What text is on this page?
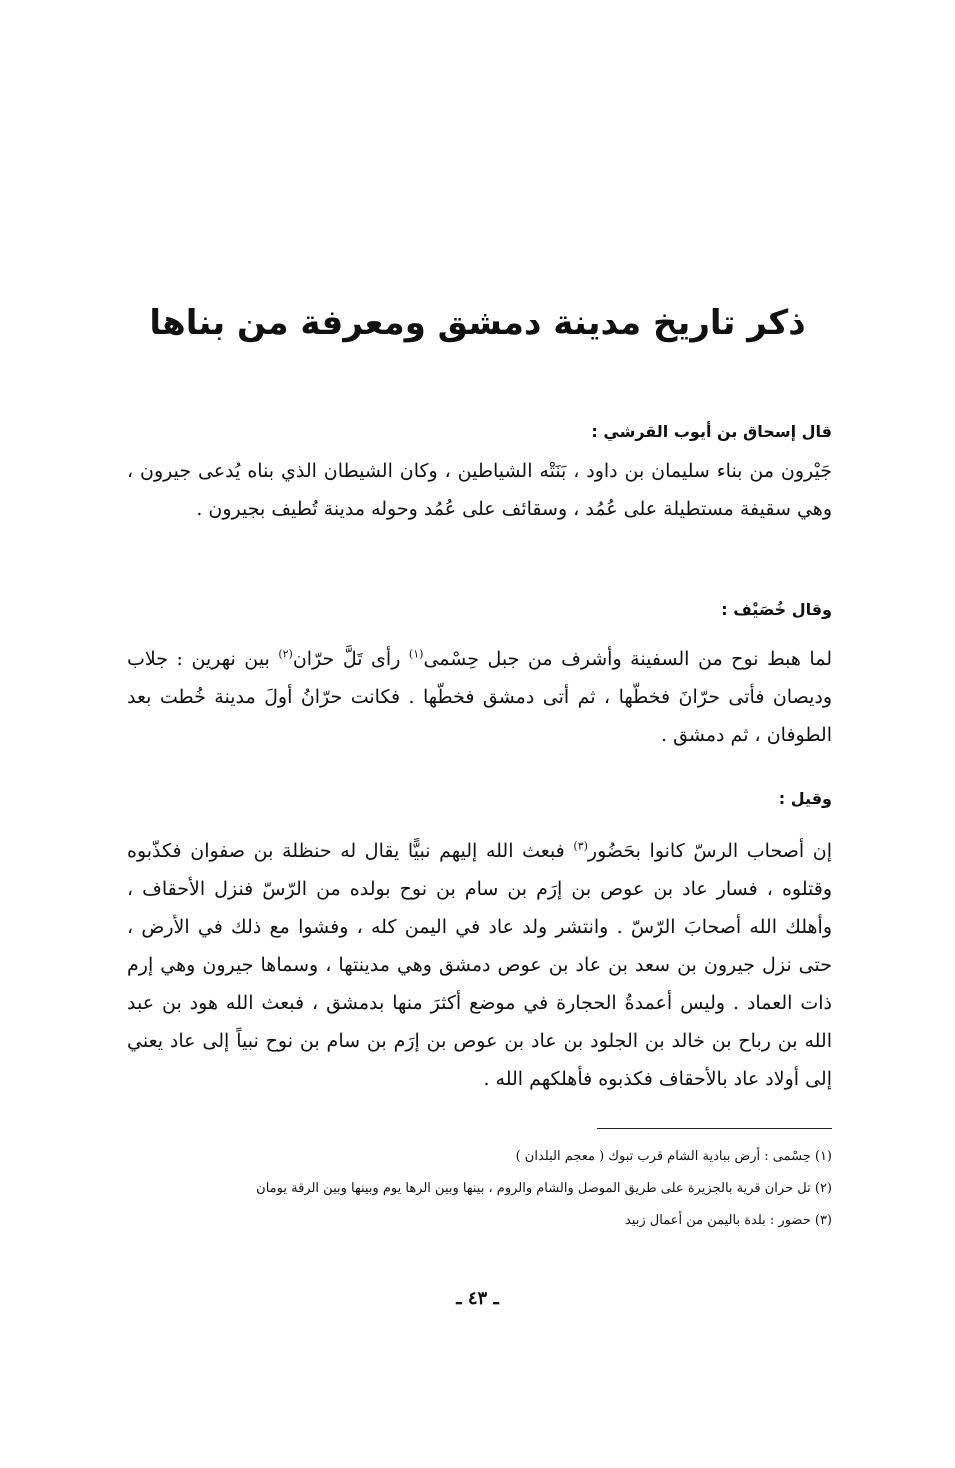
ذكر تاريخ مدينة دمشق ومعرفة من بناها
قال إسحاق بن أيوب القرشي :
جَيْرون من بناء سليمان بن داود ، بَنَتْه الشياطين ، وكان الشيطان الذي بناه يُدعى جيرون ، وهي سقيفة مستطيلة على عُمُد ، وسقائف على عُمُد وحوله مدينة تُطيف بجيرون .
وقال خُصَيْف :
لما هبط نوح من السفينة وأشرف من جبل حِسْمى$^{(١)}$ رأى تَلَّ حرّان$^{(٢)}$ بين نهرين : جلاب وديصان فأتى حرّانَ فخطّها ، ثم أتى دمشق فخطّها . فكانت حرّانُ أولَ مدينة خُطت بعد الطوفان ، ثم دمشق .
وقيل :
إن أصحاب الرسّ كانوا بحَضُور$^{(٣)}$ فبعث الله إليهم نبيًّا يقال له حنظلة بن صفوان فكذّبوه وقتلوه ، فسار عاد بن عوص بن إرَم بن سام بن نوح بولده من الرّسّ فنزل الأحقاف ، وأهلك الله أصحابَ الرّسّ . وانتشر ولد عاد في اليمن كله ، وفشوا مع ذلك في الأرض ، حتى نزل جيرون بن سعد بن عاد بن عوص دمشق وهي مدينتها ، وسماها جيرون وهي إرم ذات العماد . وليس أعمدةُ الحجارة في موضع أكثرَ منها بدمشق ، فبعث الله هود بن عبد الله بن رباح بن خالد بن الجلود بن عاد بن عوص بن إرَم بن سام بن نوح نبياً إلى عاد يعني إلى أولاد عاد بالأحقاف فكذبوه فأهلكهم الله .

(١) حِسْمى : أرض ببادية الشام قرب تبوك ( معجم البلدان )

(٢) تل حران قرية بالجزيرة على طريق الموصل والشام والروم ، بينها وبين الرها يوم وبينها وبين الرقة يومان

(٣) حضور : بلدة باليمن من أعمال زبيد

ـ ٤٣ ـ
